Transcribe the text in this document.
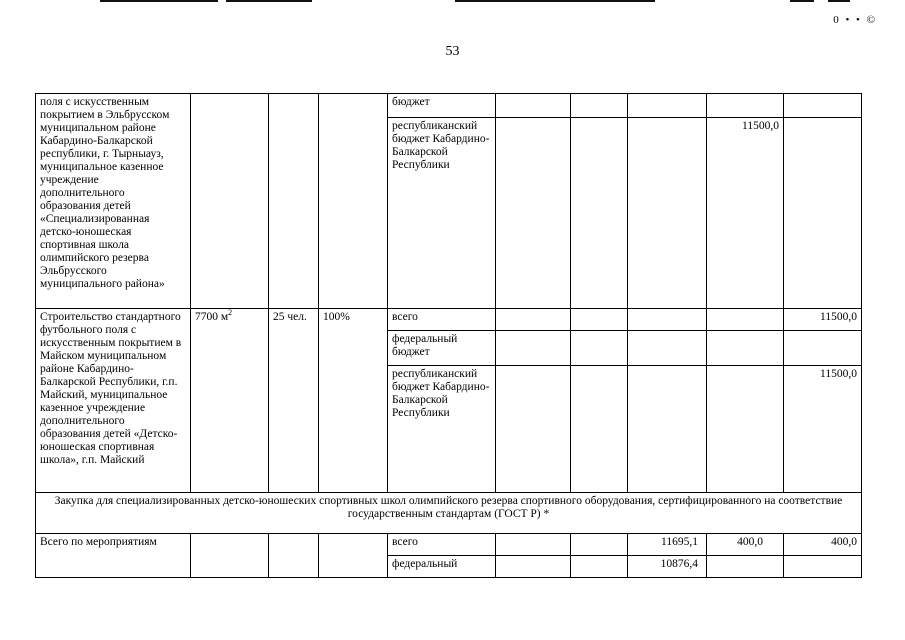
0 • • ©
53
поля с искусственным покрытием в Эльбрусском муниципальном районе Кабардино-Балкарской республики, г. Тырныауз, муниципальное казенное учреждение дополнительного образования детей «Специализированная детско-юношеская спортивная школа олимпийского резерва Эльбрусского муниципального района»				бюджет					
				республиканский бюджет Кабардино-Балкарской Республики				11500,0	
Строительство стандартного футбольного поля с искусственным покрытием в Майском муниципальном районе Кабардино-Балкарской Республики, г.п. Майский, муниципальное казенное учреждение дополнительного образования детей «Детско-юношеская спортивная школа», г.п. Майский	7700 $м^2$	25 чел.	100%	всего					11500,0
				федеральный бюджет					
				республиканский бюджет Кабардино-Балкарской Республики					11500,0
Закупка для специализированных детско-юношеских спортивных школ олимпийского резерва спортивного оборудования, сертифицированного на соответствие государственным стандартам (ГОСТ Р) *									
Всего по мероприятиям				всего			11695,1	400,0	400,0
				федеральный			10876,4		
